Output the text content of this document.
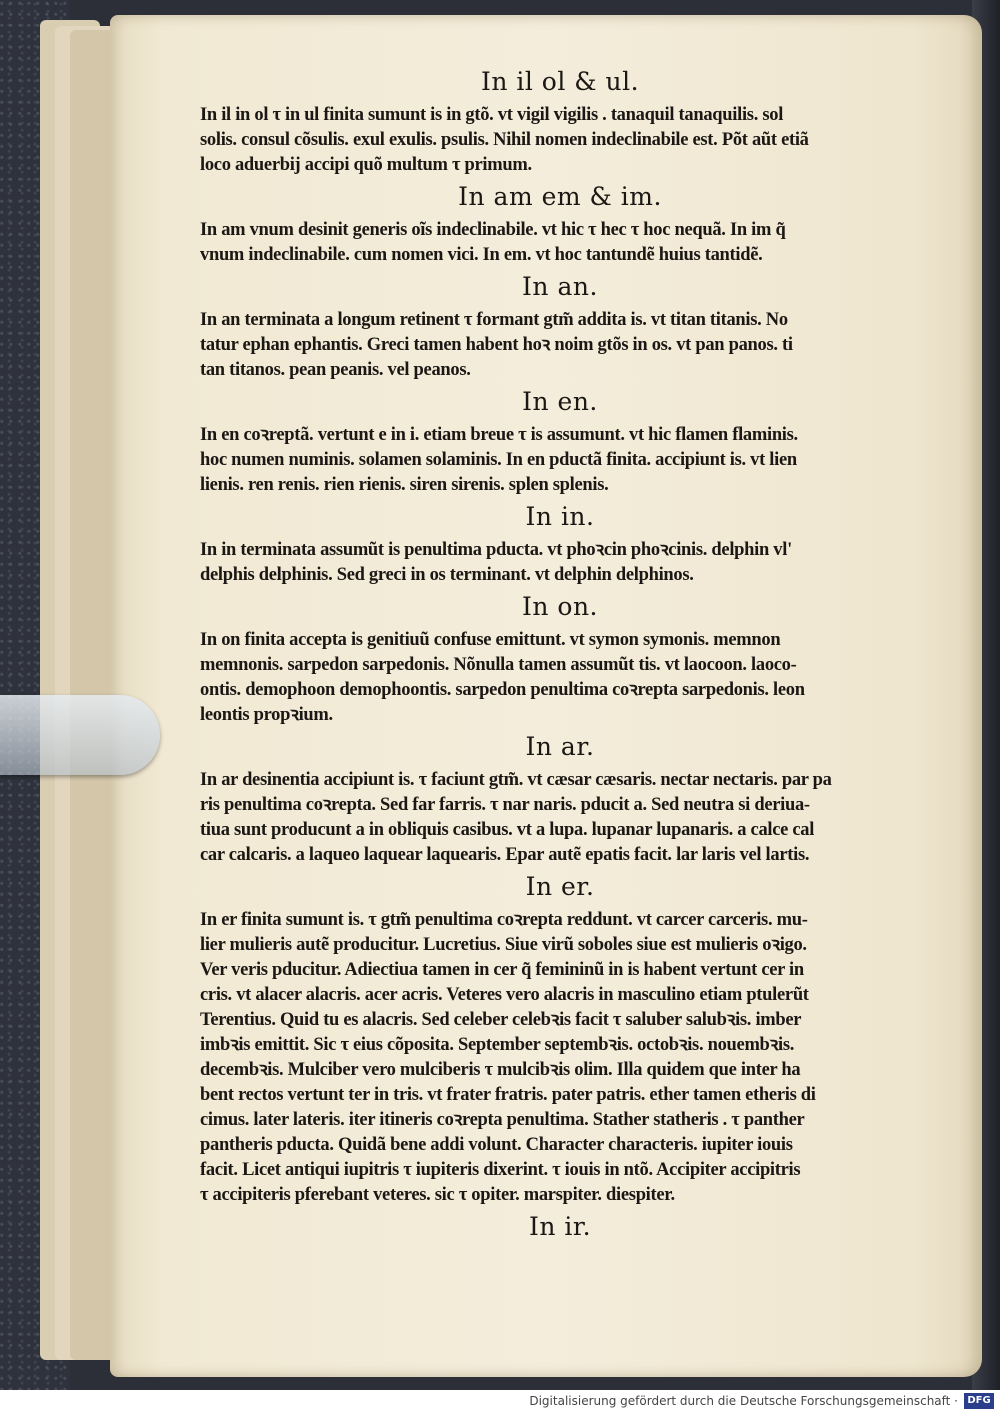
In il ol & ul.
In il in ol τ in ul finita sumunt is in gtõ. vt vigil vigilis . tanaquil tanaquilis. sol
solis. consul cõsulis. exul exulis. psulis. Nihil nomen indeclinabile est. Põt aũt etiã
loco aduerbij accipi quõ multum τ primum.
In am em & im.
In am vnum desinit generis oĩs indeclinabile. vt hic τ hec τ hoc nequã. In im q̃
vnum indeclinabile. cum nomen vici. In em. vt hoc tantundẽ huius tantidẽ.
In an.
In an terminata a longum retinent τ formant gtm̃ addita is. vt titan titanis. No
tatur ephan ephantis. Greci tamen habent hoꝛ noim gtõs in os. vt pan panos. ti
tan titanos. pean peanis. vel peanos.
In en.
In en coꝛreptã. vertunt e in i. etiam breue τ is assumunt. vt hic flamen flaminis.
hoc numen numinis. solamen solaminis. In en pductã finita. accipiunt is. vt lien
lienis. ren renis. rien rienis. siren sirenis. splen splenis.
In in.
In in terminata assumũt is penultima pducta. vt phoꝛcin phoꝛcinis. delphin vl'
delphis delphinis. Sed greci in os terminant. vt delphin delphinos.
In on.
In on finita accepta is genitiuũ confuse emittunt. vt symon symonis. memnon
memnonis. sarpedon sarpedonis. Nõnulla tamen assumũt tis. vt laocoon. laoco-
ontis. demophoon demophoontis. sarpedon penultima coꝛrepta sarpedonis. leon
leontis propꝛium.
In ar.
In ar desinentia accipiunt is. τ faciunt gtm̃. vt cæsar cæsaris. nectar nectaris. par pa
ris penultima coꝛrepta. Sed far farris. τ nar naris. pducit a. Sed neutra si deriua-
tiua sunt producunt a in obliquis casibus. vt a lupa. lupanar lupanaris. a calce cal
car calcaris. a laqueo laquear laquearis. Epar autẽ epatis facit. lar laris vel lartis.
In er.
In er finita sumunt is. τ gtm̃ penultima coꝛrepta reddunt. vt carcer carceris. mu-
lier mulieris autẽ producitur. Lucretius. Siue virũ soboles siue est mulieris oꝛigo.
Ver veris pducitur. Adiectiua tamen in cer q̃ femininũ in is habent vertunt cer in
cris. vt alacer alacris. acer acris. Veteres vero alacris in masculino etiam ptulerũt
Terentius. Quid tu es alacris. Sed celeber celebꝛis facit τ saluber salubꝛis. imber
imbꝛis emittit. Sic τ eius cõposita. September septembꝛis. octobꝛis. nouembꝛis.
decembꝛis. Mulciber vero mulciberis τ mulcibꝛis olim. Illa quidem que inter ha
bent rectos vertunt ter in tris. vt frater fratris. pater patris. ether tamen etheris di
cimus. later lateris. iter itineris coꝛrepta penultima. Stather statheris . τ panther
pantheris pducta. Quidã bene addi volunt. Character characteris. iupiter iouis
facit. Licet antiqui iupitris τ iupiteris dixerint. τ iouis in ntõ. Accipiter accipitris
τ accipiteris pferebant veteres. sic τ opiter. marspiter. diespiter.
In ir.
Digitalisierung gefördert durch die Deutsche Forschungsgemeinschaft · DFG
